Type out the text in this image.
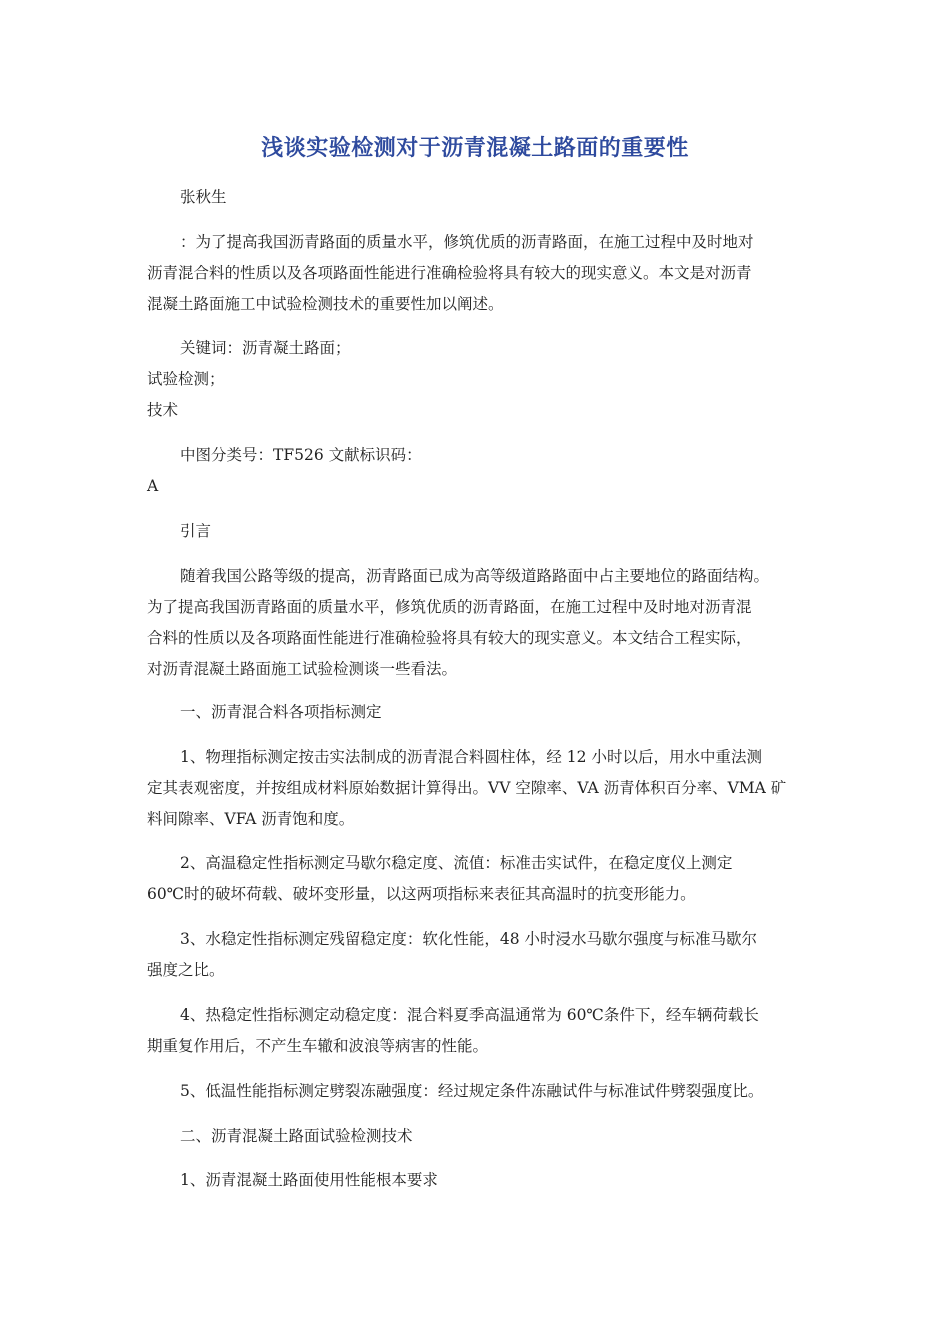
浅谈实验检测对于沥青混凝土路面的重要性

张秋生

：为了提高我国沥青路面的质量水平，修筑优质的沥青路面，在施工过程中及时地对
沥青混合料的性质以及各项路面性能进行准确检验将具有较大的现实意义。本文是对沥青
混凝土路面施工中试验检测技术的重要性加以阐述。

关键词：沥青凝土路面；
试验检测；
技术

中图分类号：TF526 文献标识码：
A

引言

随着我国公路等级的提高，沥青路面已成为高等级道路路面中占主要地位的路面结构。
为了提高我国沥青路面的质量水平，修筑优质的沥青路面，在施工过程中及时地对沥青混
合料的性质以及各项路面性能进行准确检验将具有较大的现实意义。本文结合工程实际，
对沥青混凝土路面施工试验检测谈一些看法。

一、沥青混合料各项指标测定

1、物理指标测定按击实法制成的沥青混合料圆柱体，经 12 小时以后，用水中重法测
定其表观密度，并按组成材料原始数据计算得出。VV 空隙率、VA 沥青体积百分率、VMA 矿
料间隙率、VFA 沥青饱和度。

2、高温稳定性指标测定马歇尔稳定度、流值：标准击实试件，在稳定度仪上测定
60℃时的破坏荷载、破坏变形量，以这两项指标来表征其高温时的抗变形能力。

3、水稳定性指标测定残留稳定度：软化性能，48 小时浸水马歇尔强度与标准马歇尔
强度之比。

4、热稳定性指标测定动稳定度：混合料夏季高温通常为 60℃条件下，经车辆荷载长
期重复作用后，不产生车辙和波浪等病害的性能。

5、低温性能指标测定劈裂冻融强度：经过规定条件冻融试件与标准试件劈裂强度比。

二、沥青混凝土路面试验检测技术

1、沥青混凝土路面使用性能根本要求
